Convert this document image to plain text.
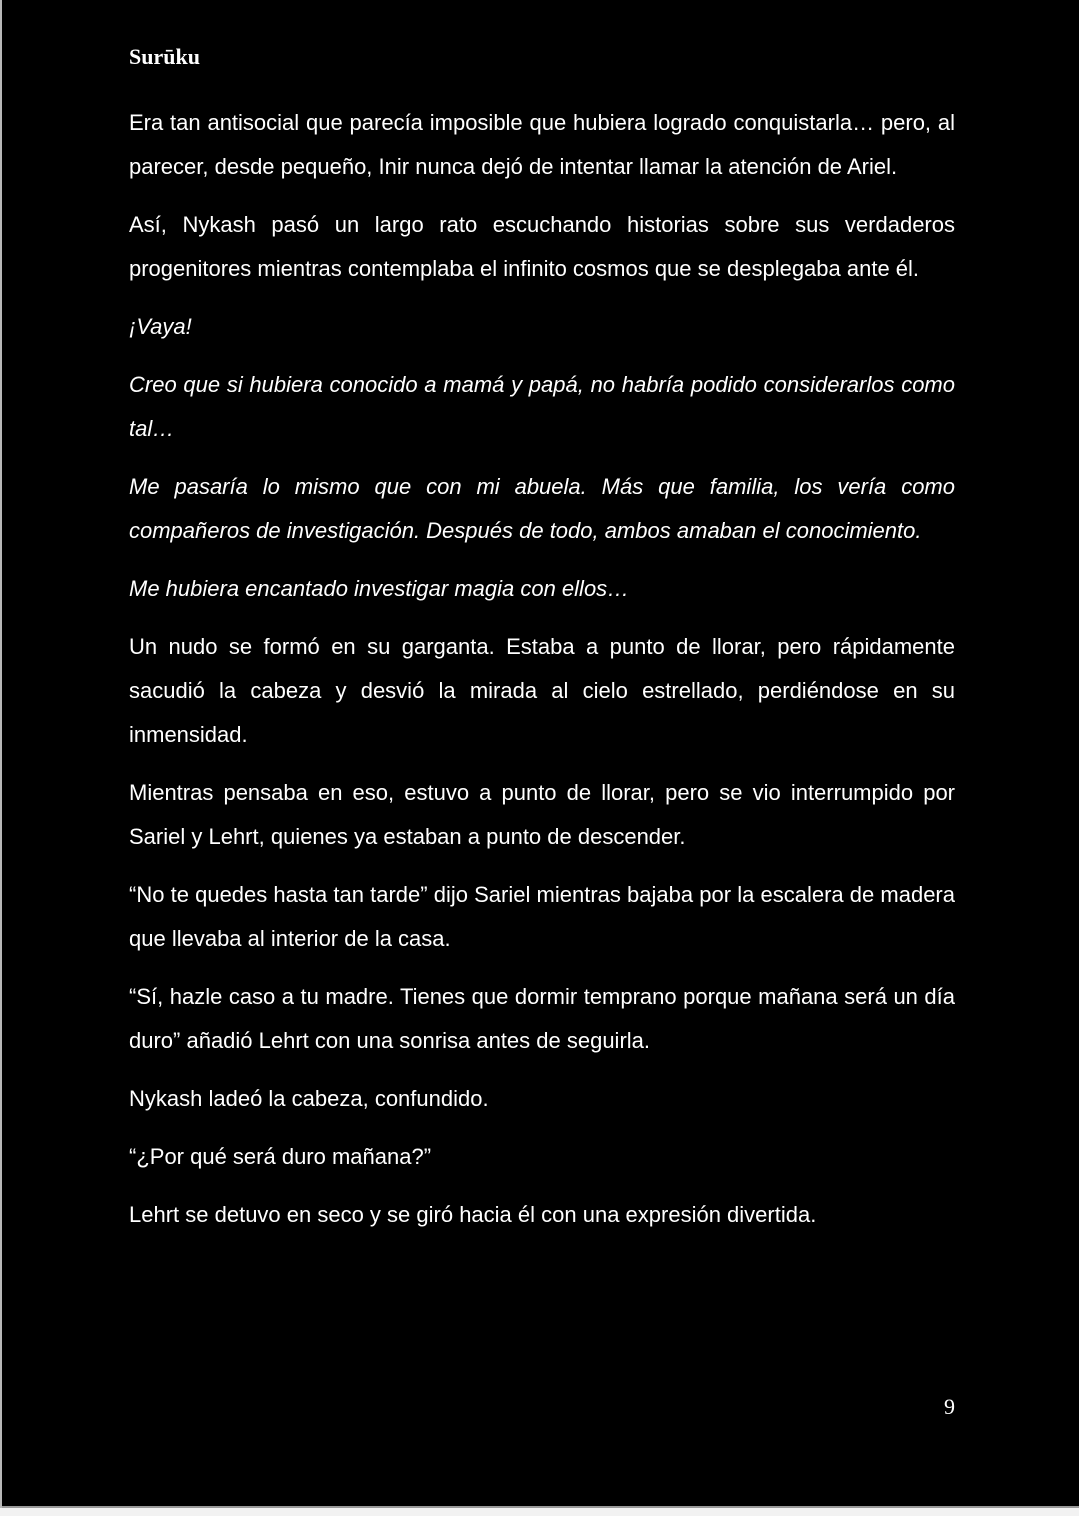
Surūku

Era tan antisocial que parecía imposible que hubiera logrado conquistarla… pero, al parecer, desde pequeño, Inir nunca dejó de intentar llamar la atención de Ariel.

Así, Nykash pasó un largo rato escuchando historias sobre sus verdaderos progenitores mientras contemplaba el infinito cosmos que se desplegaba ante él.

¡Vaya!

Creo que si hubiera conocido a mamá y papá, no habría podido considerarlos como tal…

Me pasaría lo mismo que con mi abuela. Más que familia, los vería como compañeros de investigación. Después de todo, ambos amaban el conocimiento.

Me hubiera encantado investigar magia con ellos…

Un nudo se formó en su garganta. Estaba a punto de llorar, pero rápidamente sacudió la cabeza y desvió la mirada al cielo estrellado, perdiéndose en su inmensidad.

Mientras pensaba en eso, estuvo a punto de llorar, pero se vio interrumpido por Sariel y Lehrt, quienes ya estaban a punto de descender.

“No te quedes hasta tan tarde” dijo Sariel mientras bajaba por la escalera de madera que llevaba al interior de la casa.

“Sí, hazle caso a tu madre. Tienes que dormir temprano porque mañana será un día duro” añadió Lehrt con una sonrisa antes de seguirla.

Nykash ladeó la cabeza, confundido.

“¿Por qué será duro mañana?”

Lehrt se detuvo en seco y se giró hacia él con una expresión divertida.

9
